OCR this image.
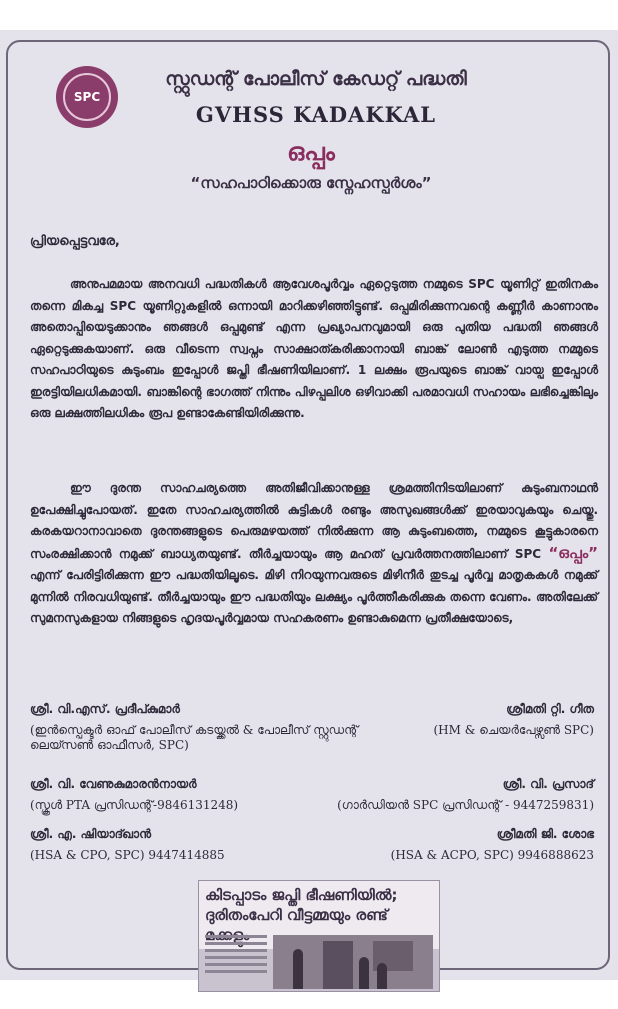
SPC
സ്റ്റുഡന്റ് പോലീസ് കേഡറ്റ് പദ്ധതി
GVHSS KADAKKAL
ഒപ്പം
“സഹപാഠിക്കൊരു സ്നേഹസ്പർശം”
പ്രിയപ്പെട്ടവരേ,
അനുപമമായ അനവധി പദ്ധതികൾ ആവേശപൂർവ്വം ഏറ്റെടുത്ത നമ്മുടെ SPC യൂണിറ്റ് ഇതിനകം തന്നെ മികച്ച SPC യൂണിറ്റുകളിൽ ഒന്നായി മാറിക്കഴിഞ്ഞിട്ടുണ്ട്. ഒപ്പമിരിക്കുന്നവന്റെ കണ്ണീർ കാണാനും അതൊപ്പിയെടുക്കാനും ഞങ്ങൾ ഒപ്പമുണ്ട് എന്ന പ്രഖ്യാപനവുമായി ഒരു പുതിയ പദ്ധതി ഞങ്ങൾ ഏറ്റെടുക്കുകയാണ്. ഒരു വീടെന്ന സ്വപ്നം സാക്ഷാത്കരിക്കാനായി ബാങ്ക് ലോൺ എടുത്ത നമ്മുടെ സഹപാഠിയുടെ കുടുംബം ഇപ്പോൾ ജപ്തി ഭീഷണിയിലാണ്. 1 ലക്ഷം രൂപയുടെ ബാങ്ക് വായ്പ ഇപ്പോൾ ഇരട്ടിയിലധികമായി. ബാങ്കിന്റെ ഭാഗത്ത് നിന്നും പിഴപ്പലിശ ഒഴിവാക്കി പരമാവധി സഹായം ലഭിച്ചെങ്കിലും ഒരു ലക്ഷത്തിലധികം രൂപ ഉണ്ടാകേണ്ടിയിരിക്കുന്നു.
ഈ ദുരന്ത സാഹചര്യത്തെ അതിജീവിക്കാനുള്ള ശ്രമത്തിനിടയിലാണ് കുടുംബനാഥൻ ഉപേക്ഷിച്ചുപോയത്. ഇതേ സാഹചര്യത്തിൽ കുട്ടികൾ രണ്ടും അസുഖങ്ങൾക്ക് ഇരയാവുകയും ചെയ്തു. കരകയറാനാവാതെ ദുരന്തങ്ങളുടെ പെരുമഴയത്ത് നിൽക്കുന്ന ആ കുടുംബത്തെ, നമ്മുടെ കൂട്ടുകാരനെ സംരക്ഷിക്കാൻ നമുക്ക് ബാധ്യതയുണ്ട്. തീർച്ചയായും ആ മഹത് പ്രവർത്തനത്തിലാണ് SPC “ഒപ്പം” എന്ന് പേരിട്ടിരിക്കുന്ന ഈ പദ്ധതിയിലൂടെ. മിഴി നിറയുന്നവരുടെ മിഴിനീർ തുടച്ച പൂർവ്വ മാതൃകകൾ നമുക്ക് മുന്നിൽ നിരവധിയുണ്ട്. തീർച്ചയായും ഈ പദ്ധതിയും ലക്ഷ്യം പൂർത്തീകരിക്കുക തന്നെ വേണം. അതിലേക്ക് സുമനസുകളായ നിങ്ങളുടെ ഹൃദയപൂർവ്വമായ സഹകരണം ഉണ്ടാകുമെന്ന പ്രതീക്ഷയോടെ,
ശ്രീ. വി.എസ്. പ്രദീപ്കുമാർ
(ഇൻസ്പെക്ടർ ഓഫ് പോലീസ് കടയ്ക്കൽ & പോലീസ് സ്റ്റുഡന്റ് ലെയ്സൺ ഓഫീസർ, SPC)
ശ്രീമതി റ്റി. ഗീത
(HM & ചെയർപേഴ്സൺ SPC)
ശ്രീ. വി. വേണുകുമാരൻനായർ
(സ്കൂൾ PTA പ്രസിഡന്റ്-9846131248)
ശ്രീ. വി. പ്രസാദ്
(ഗാർഡിയൻ SPC പ്രസിഡന്റ് - 9447259831)
ശ്രീ. എ. ഷിയാദ്ഖാൻ
(HSA & CPO, SPC) 9447414885
ശ്രീമതി ജി. ശോഭ
(HSA & ACPO, SPC) 9946888623
കിടപ്പാടം ജപ്തി ഭീഷണിയിൽ; ദുരിതംപേറി വീട്ടമ്മയും രണ്ട്
